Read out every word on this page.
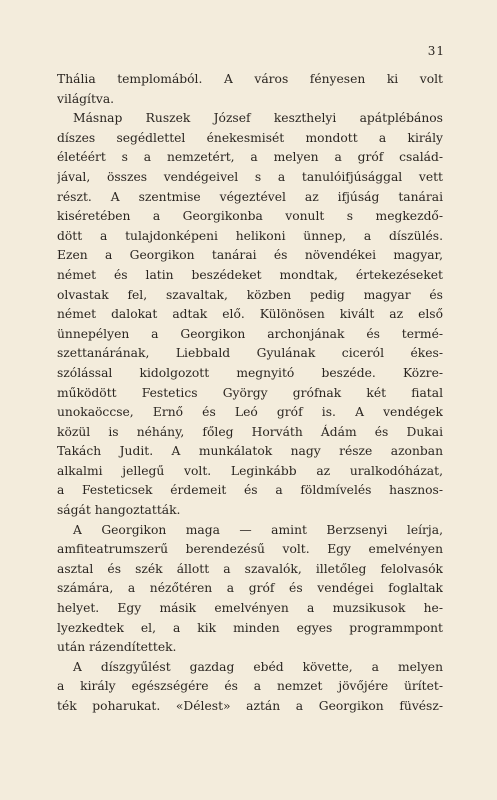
31
Thália templomából. A város fényesen ki volt
világítva.
Másnap Ruszek József keszthelyi apátplébános
díszes segédlettel énekesmisét mondott a király
életéért s a nemzetért, a melyen a gróf család-
jával, összes vendégeivel s a tanulóifjúsággal vett
részt. A szentmise végeztével az ifjúság tanárai
kiséretében a Georgikonba vonult s megkezdő-
dött a tulajdonképeni helikoni ünnep, a díszülés.
Ezen a Georgikon tanárai és növendékei magyar,
német és latin beszédeket mondtak, értekezéseket
olvastak fel, szavaltak, közben pedig magyar és
német dalokat adtak elő. Különösen kivált az első
ünnepélyen a Georgikon archonjának és termé-
szettanárának, Liebbald Gyulának ciceról ékes-
szólással kidolgozott megnyitó beszéde. Közre-
működött Festetics György grófnak két fiatal
unokaöccse, Ernő és Leó gróf is. A vendégek
közül is néhány, főleg Horváth Ádám és Dukai
Takách Judit. A munkálatok nagy része azonban
alkalmi jellegű volt. Leginkább az uralkodóházat,
a Festeticsek érdemeit és a földmívelés hasznos-
ságát hangoztatták.
A Georgikon maga — amint Berzsenyi leírja,
amfiteatrumszerű berendezésű volt. Egy emelvényen
asztal és szék állott a szavalók, illetőleg felolvasók
számára, a nézőtéren a gróf és vendégei foglaltak
helyet. Egy másik emelvényen a muzsikusok he-
lyezkedtek el, a kik minden egyes programmpont
után rázendítettek.
A díszgyűlést gazdag ebéd követte, a melyen
a király egészségére és a nemzet jövőjére ürítet-
ték poharukat. «Délest» aztán a Georgikon füvész-
